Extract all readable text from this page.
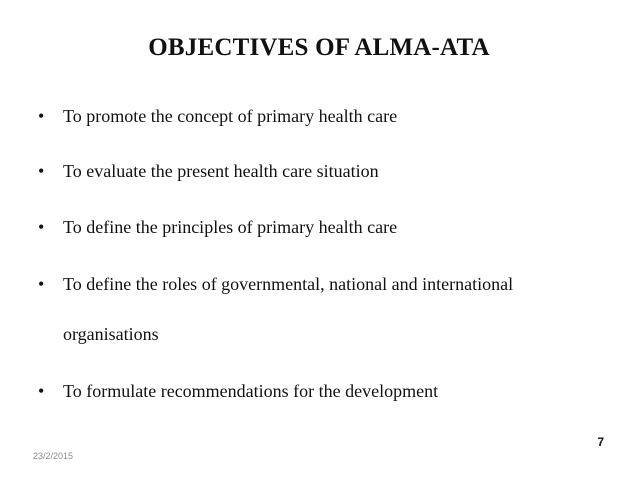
OBJECTIVES OF ALMA-ATA
• To promote the concept of primary health care
• To evaluate the present health care situation
• To define the principles of primary health care
• To define the roles of governmental, national and international
organisations
• To formulate recommendations for the development
23/2/2015
7
